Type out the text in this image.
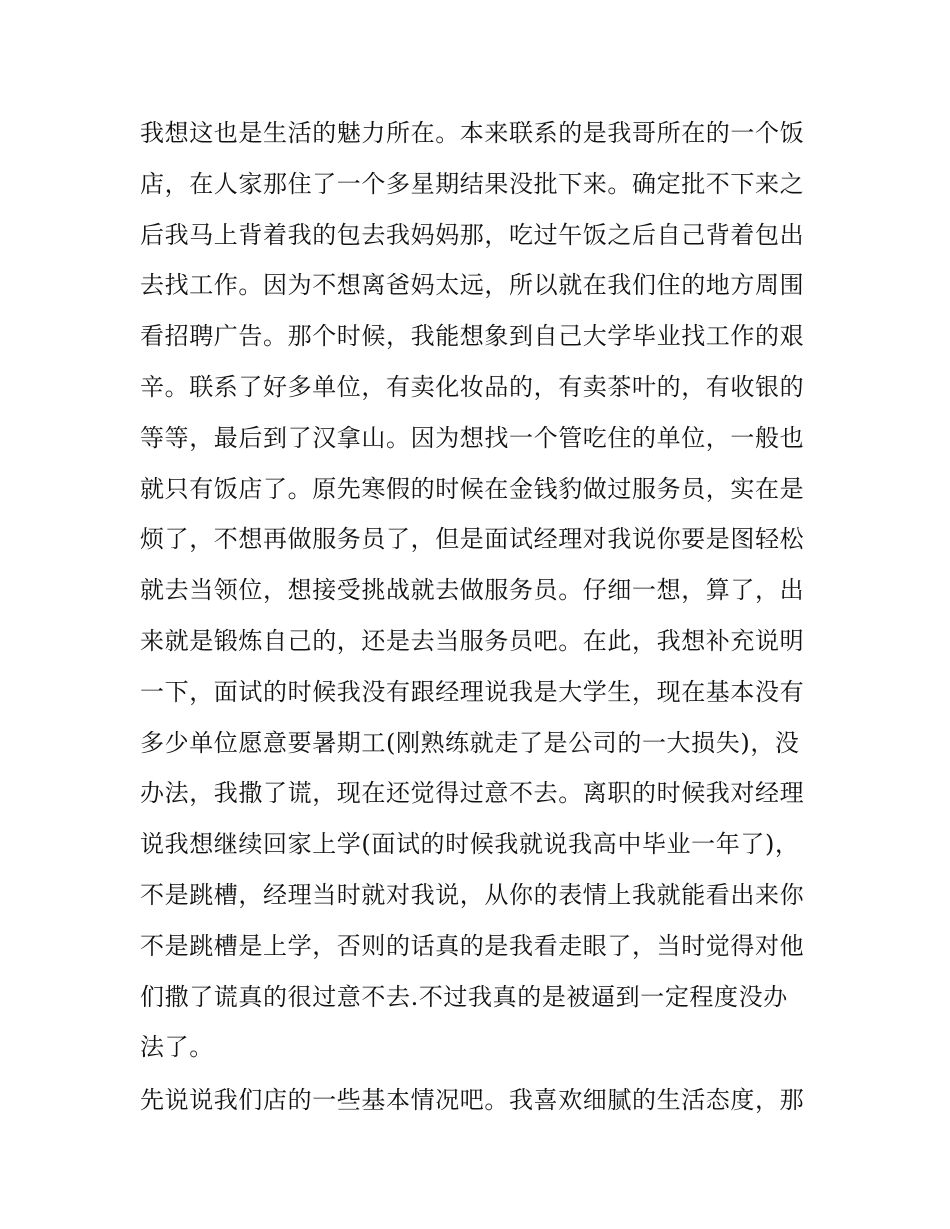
我想这也是生活的魅力所在。本来联系的是我哥所在的一个饭
店，在人家那住了一个多星期结果没批下来。确定批不下来之
后我马上背着我的包去我妈妈那，吃过午饭之后自己背着包出
去找工作。因为不想离爸妈太远，所以就在我们住的地方周围
看招聘广告。那个时候，我能想象到自己大学毕业找工作的艰
辛。联系了好多单位，有卖化妆品的，有卖茶叶的，有收银的
等等，最后到了汉拿山。因为想找一个管吃住的单位，一般也
就只有饭店了。原先寒假的时候在金钱豹做过服务员，实在是
烦了，不想再做服务员了，但是面试经理对我说你要是图轻松
就去当领位，想接受挑战就去做服务员。仔细一想，算了，出
来就是锻炼自己的，还是去当服务员吧。在此，我想补充说明
一下，面试的时候我没有跟经理说我是大学生，现在基本没有
多少单位愿意要暑期工(刚熟练就走了是公司的一大损失)，没
办法，我撒了谎，现在还觉得过意不去。离职的时候我对经理
说我想继续回家上学(面试的时候我就说我高中毕业一年了)，
不是跳槽，经理当时就对我说，从你的表情上我就能看出来你
不是跳槽是上学，否则的话真的是我看走眼了，当时觉得对他
们撒了谎真的很过意不去.不过我真的是被逼到一定程度没办
法了。
先说说我们店的一些基本情况吧。我喜欢细腻的生活态度，那
